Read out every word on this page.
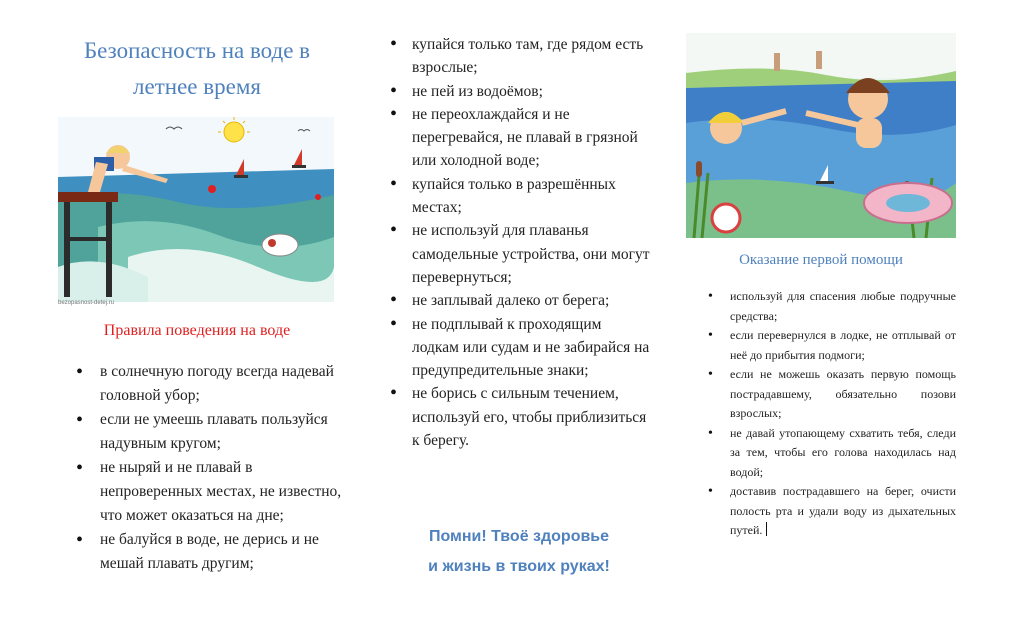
Безопасность на воде в
летнее время
bezopasnost-detej.ru
Правила поведения на воде
• в солнечную погоду всегда надевай головной убор;
• если не умеешь плавать пользуйся надувным кругом;
• не ныряй и не плавай в непроверенных местах, не известно, что может оказаться на дне;
• не балуйся в воде, не дерись и не мешай плавать другим;
• купайся только там, где рядом есть взрослые;
• не пей из водоёмов;
• не переохлаждайся и не перегревайся, не плавай в грязной или холодной воде;
• купайся только в разрешённых местах;
• не используй для плаванья самодельные устройства, они могут перевернуться;
• не заплывай далеко от берега;
• не подплывай к проходящим лодкам или судам и не забирайся на предупредительные знаки;
• не борись с сильным течением, используй его, чтобы приблизиться к берегу.
Помни! Твоё здоровье
и жизнь в твоих руках!
Оказание первой помощи
• используй для спасения любые подручные средства;
• если перевернулся в лодке, не отплывай от неё до прибытия подмоги;
• если не можешь оказать первую помощь пострадавшему, обязательно позови взрослых;
• не давай утопающему схватить тебя, следи за тем, чтобы его голова находилась над водой;
• доставив пострадавшего на берег, очисти полость рта и удали воду из дыхательных путей.
